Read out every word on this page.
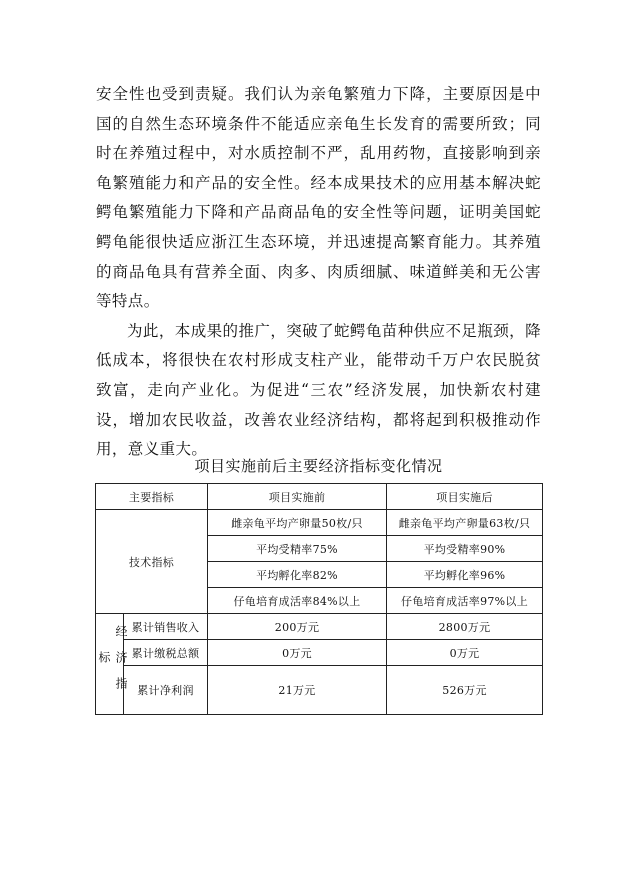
安全性也受到责疑。我们认为亲龟繁殖力下降，主要原因是中国的自然生态环境条件不能适应亲龟生长发育的需要所致；同时在养殖过程中，对水质控制不严，乱用药物，直接影响到亲龟繁殖能力和产品的安全性。经本成果技术的应用基本解决蛇鳄龟繁殖能力下降和产品商品龟的安全性等问题，证明美国蛇鳄龟能很快适应浙江生态环境，并迅速提高繁育能力。其养殖的商品龟具有营养全面、肉多、肉质细腻、味道鲜美和无公害等特点。

为此，本成果的推广，突破了蛇鳄龟苗种供应不足瓶颈，降低成本，将很快在农村形成支柱产业，能带动千万户农民脱贫致富，走向产业化。为促进“三农”经济发展，加快新农村建设，增加农民收益，改善农业经济结构，都将起到积极推动作用，意义重大。

项目实施前后主要经济指标变化情况
主要指标		项目实施前	项目实施后
技术指标		雌亲龟平均产卵量50枚/只	雌亲龟平均产卵量63枚/只
		平均受精率75%	平均受精率90%
		平均孵化率82%	平均孵化率96%
		仔龟培育成活率84%以上	仔龟培育成活率97%以上

经济指标	累计销售收入	200万元	2800万元
	累计缴税总额	0万元	0万元
	累计净利润	21万元	526万元
